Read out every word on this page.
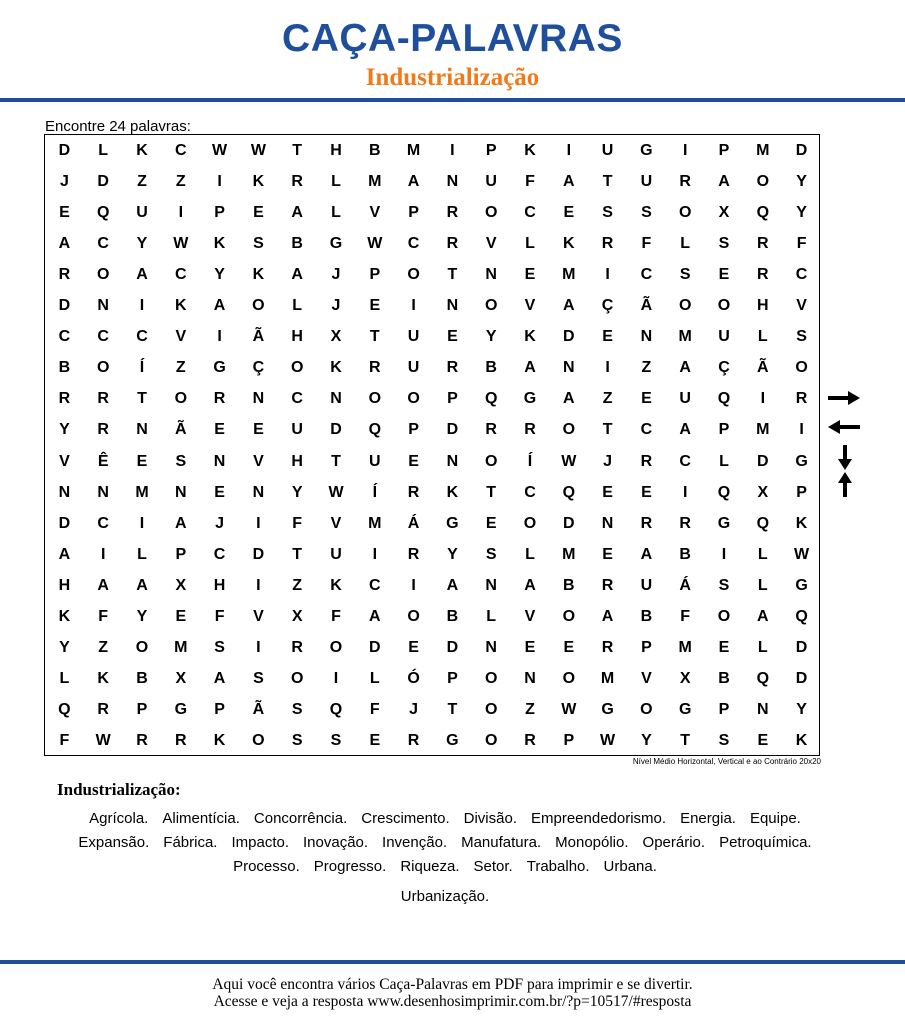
CAÇA-PALAVRAS
Industrialização
Encontre 24 palavras:
D	L	K	C	W	W	T	H	B	M	I	P	K	I	U	G	I	P	M	D
J	D	Z	Z	I	K	R	L	M	A	N	U	F	A	T	U	R	A	O	Y
E	Q	U	I	P	E	A	L	V	P	R	O	C	E	S	S	O	X	Q	Y
A	C	Y	W	K	S	B	G	W	C	R	V	L	K	R	F	L	S	R	F
R	O	A	C	Y	K	A	J	P	O	T	N	E	M	I	C	S	E	R	C
D	N	I	K	A	O	L	J	E	I	N	O	V	A	Ç	Ã	O	O	H	V
C	C	C	V	I	Ã	H	X	T	U	E	Y	K	D	E	N	M	U	L	S
B	O	Í	Z	G	Ç	O	K	R	U	R	B	A	N	I	Z	A	Ç	Ã	O
R	R	T	O	R	N	C	N	O	O	P	Q	G	A	Z	E	U	Q	I	R
Y	R	N	Ã	E	E	U	D	Q	P	D	R	R	O	T	C	A	P	M	I
V	Ê	E	S	N	V	H	T	U	E	N	O	Í	W	J	R	C	L	D	G
N	N	M	N	E	N	Y	W	Í	R	K	T	C	Q	E	E	I	Q	X	P
D	C	I	A	J	I	F	V	M	Á	G	E	O	D	N	R	R	G	Q	K
A	I	L	P	C	D	T	U	I	R	Y	S	L	M	E	A	B	I	L	W
H	A	A	X	H	I	Z	K	C	I	A	N	A	B	R	U	Á	S	L	G
K	F	Y	E	F	V	X	F	A	O	B	L	V	O	A	B	F	O	A	Q
Y	Z	O	M	S	I	R	O	D	E	D	N	E	E	R	P	M	E	L	D
L	K	B	X	A	S	O	I	L	Ó	P	O	N	O	M	V	X	B	Q	D
Q	R	P	G	P	Ã	S	Q	F	J	T	O	Z	W	G	O	G	P	N	Y
F	W	R	R	K	O	S	S	E	R	G	O	R	P	W	Y	T	S	E	K
Nível Médio Horizontal, Vertical e ao Contrário 20x20
Industrialização:
Agrícola. Alimentícia. Concorrência. Crescimento. Divisão. Empreendedorismo. Energia. Equipe.Expansão. Fábrica. Impacto. Inovação. Invenção. Manufatura. Monopólio. Operário. Petroquímica.Processo. Progresso. Riqueza. Setor. Trabalho. Urbana.
Urbanização.
Aqui você encontra vários Caça-Palavras em PDF para imprimir e se divertir.
Acesse e veja a resposta www.desenhosimprimir.com.br/?p=10517/#resposta
